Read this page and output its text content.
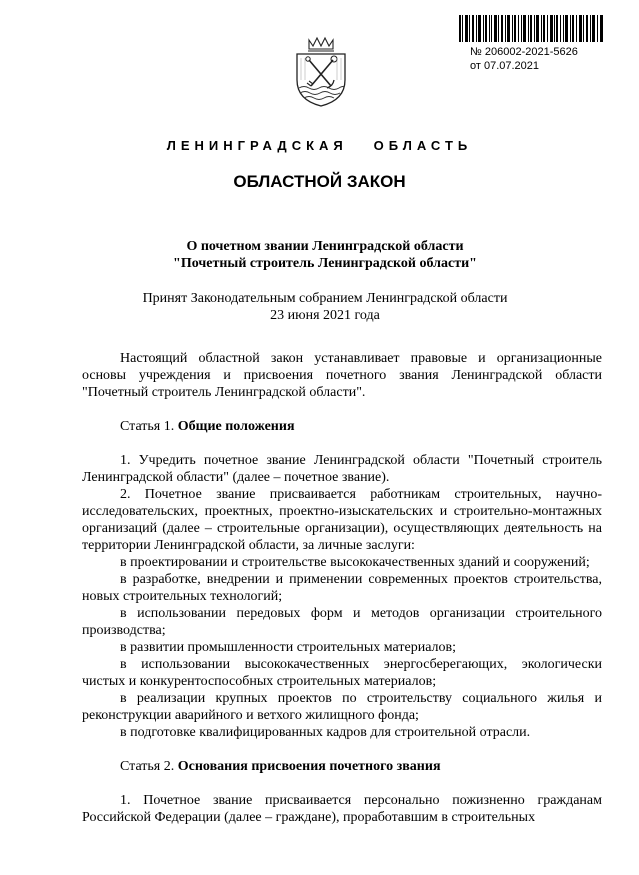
№ 206002-2021-5626
от 07.07.2021
ЛЕНИНГРАДСКАЯ   ОБЛАСТЬ
ОБЛАСТНОЙ ЗАКОН
О почетном звании Ленинградской области
"Почетный строитель Ленинградской области"
Принят Законодательным собранием Ленинградской области
23 июня 2021 года

Настоящий областной закон устанавливает правовые и организационные основы учреждения и присвоения почетного звания Ленинградской области "Почетный строитель Ленинградской области".

Статья 1. Общие положения

1. Учредить почетное звание Ленинградской области "Почетный строитель Ленинградской области" (далее – почетное звание).

2. Почетное звание присваивается работникам строительных, научно-исследовательских, проектных, проектно-изыскательских и строительно-монтажных организаций (далее – строительные организации), осуществляющих деятельность на территории Ленинградской области, за личные заслуги:

в проектировании и строительстве высококачественных зданий и сооружений;

в разработке, внедрении и применении современных проектов строительства, новых строительных технологий;

в использовании передовых форм и методов организации строительного производства;

в развитии промышленности строительных материалов;

в использовании высококачественных энергосберегающих, экологически чистых и конкурентоспособных строительных материалов;

в реализации крупных проектов по строительству социального жилья и реконструкции аварийного и ветхого жилищного фонда;

в подготовке квалифицированных кадров для строительной отрасли.

Статья 2. Основания присвоения почетного звания

1. Почетное звание присваивается персонально пожизненно гражданам Российской Федерации (далее – граждане), проработавшим в строительных
